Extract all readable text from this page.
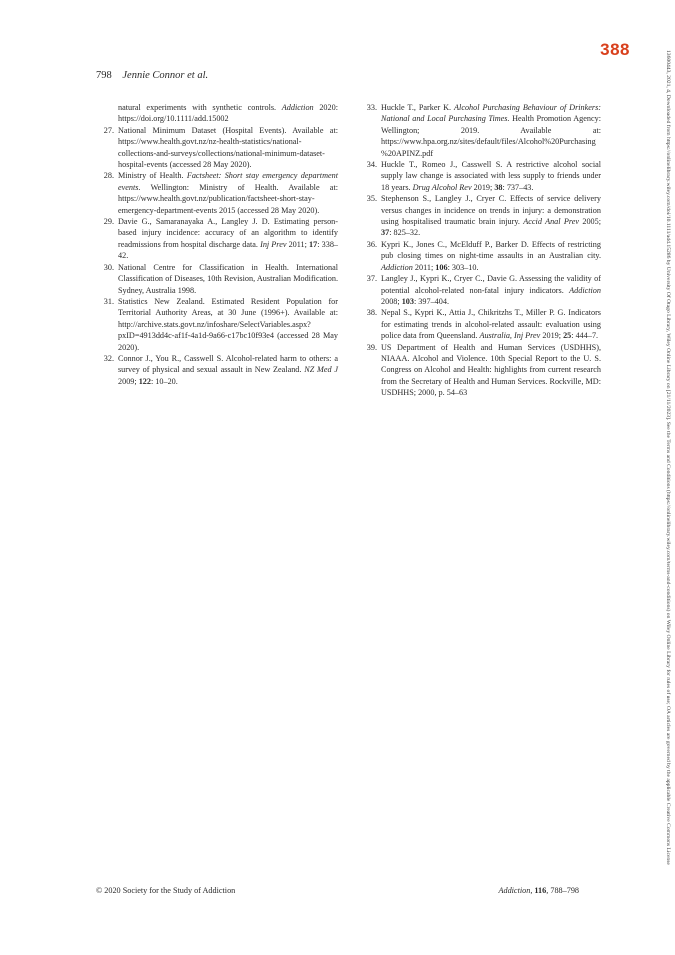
388
798 Jennie Connor et al.
natural experiments with synthetic controls. Addiction 2020: https://doi.org/10.1111/add.15002
27. National Minimum Dataset (Hospital Events). Available at: https://www.health.govt.nz/nz-health-statistics/national-collections-and-surveys/collections/national-minimum-dataset-hospital-events (accessed 28 May 2020).
28. Ministry of Health. Factsheet: Short stay emergency department events. Wellington: Ministry of Health. Available at: https://www.health.govt.nz/publication/factsheet-short-stay-emergency-department-events 2015 (accessed 28 May 2020).
29. Davie G., Samaranayaka A., Langley J. D. Estimating person-based injury incidence: accuracy of an algorithm to identify readmissions from hospital discharge data. Inj Prev 2011; 17: 338–42.
30. National Centre for Classification in Health. International Classification of Diseases, 10th Revision, Australian Modification. Sydney, Australia 1998.
31. Statistics New Zealand. Estimated Resident Population for Territorial Authority Areas, at 30 June (1996+). Available at: http://archive.stats.govt.nz/infoshare/SelectVariables.aspx?pxID=4913dd4c-af1f-4a1d-9a66-c17bc10f93e4 (accessed 28 May 2020).
32. Connor J., You R., Casswell S. Alcohol-related harm to others: a survey of physical and sexual assault in New Zealand. NZ Med J 2009; 122: 10–20.
33. Huckle T., Parker K. Alcohol Purchasing Behaviour of Drinkers: National and Local Purchasing Times. Health Promotion Agency: Wellington; 2019. Available at: https://www.hpa.org.nz/sites/default/files/Alcohol%20Purchasing%20APINZ.pdf
34. Huckle T., Romeo J., Casswell S. A restrictive alcohol social supply law change is associated with less supply to friends under 18 years. Drug Alcohol Rev 2019; 38: 737–43.
35. Stephenson S., Langley J., Cryer C. Effects of service delivery versus changes in incidence on trends in injury: a demonstration using hospitalised traumatic brain injury. Accid Anal Prev 2005; 37: 825–32.
36. Kypri K., Jones C., McElduff P., Barker D. Effects of restricting pub closing times on night-time assaults in an Australian city. Addiction 2011; 106: 303–10.
37. Langley J., Kypri K., Cryer C., Davie G. Assessing the validity of potential alcohol-related non-fatal injury indicators. Addiction 2008; 103: 397–404.
38. Nepal S., Kypri K., Attia J., Chikritzhs T., Miller P. G. Indicators for estimating trends in alcohol-related assault: evaluation using police data from Queensland. Australia, Inj Prev 2019; 25: 444–7.
39. US Department of Health and Human Services (USDHHS), NIAAA. Alcohol and Violence. 10th Special Report to the U. S. Congress on Alcohol and Health: highlights from current research from the Secretary of Health and Human Services. Rockville, MD: USDHHS; 2000, p. 54–63
© 2020 Society for the Study of Addiction	Addiction, 116, 788–798
13600443, 2021, 4, Downloaded from https://onlinelibrary.wiley.com/doi/10.1111/add.15286 by University Of Otago Library, Wiley Online Library on [21/11/2023]. See the Terms and Conditions (https://onlinelibrary.wiley.com/terms-and-conditions) on Wiley Online Library for rules of use; OA articles are governed by the applicable Creative Commons License
